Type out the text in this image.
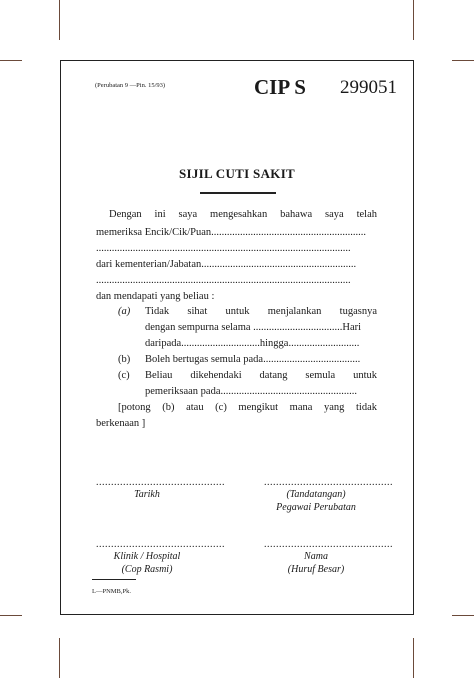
(Perubatan 9 —Pin. 15/93)	CIP S 299051
SIJIL CUTI SAKIT
Dengan ini saya mengesahkan bahawa saya telah
memeriksa Encik/Cik/Puan...........................................................
.................................................................................................
dari kementerian/Jabatan...........................................................
.................................................................................................
dan mendapati yang beliau :
(a) Tidak sihat untuk menjalankan tugasnya
dengan sempurna selama ..................................Hari
daripada..............................hingga...........................
(b) Boleh bertugas semula pada.....................................
(c) Beliau dikehendaki datang semula untuk
pemeriksaan pada....................................................
[potong (b) atau (c) mengikut mana yang tidak
berkenaan ]
...........................................
Tarikh
...........................................
(Tandatangan)
Pegawai Perubatan
...........................................
Klinik / Hospital
(Cop Rasmi)
...........................................
Nama
(Huruf Besar)
L—PNMB,Pk.
